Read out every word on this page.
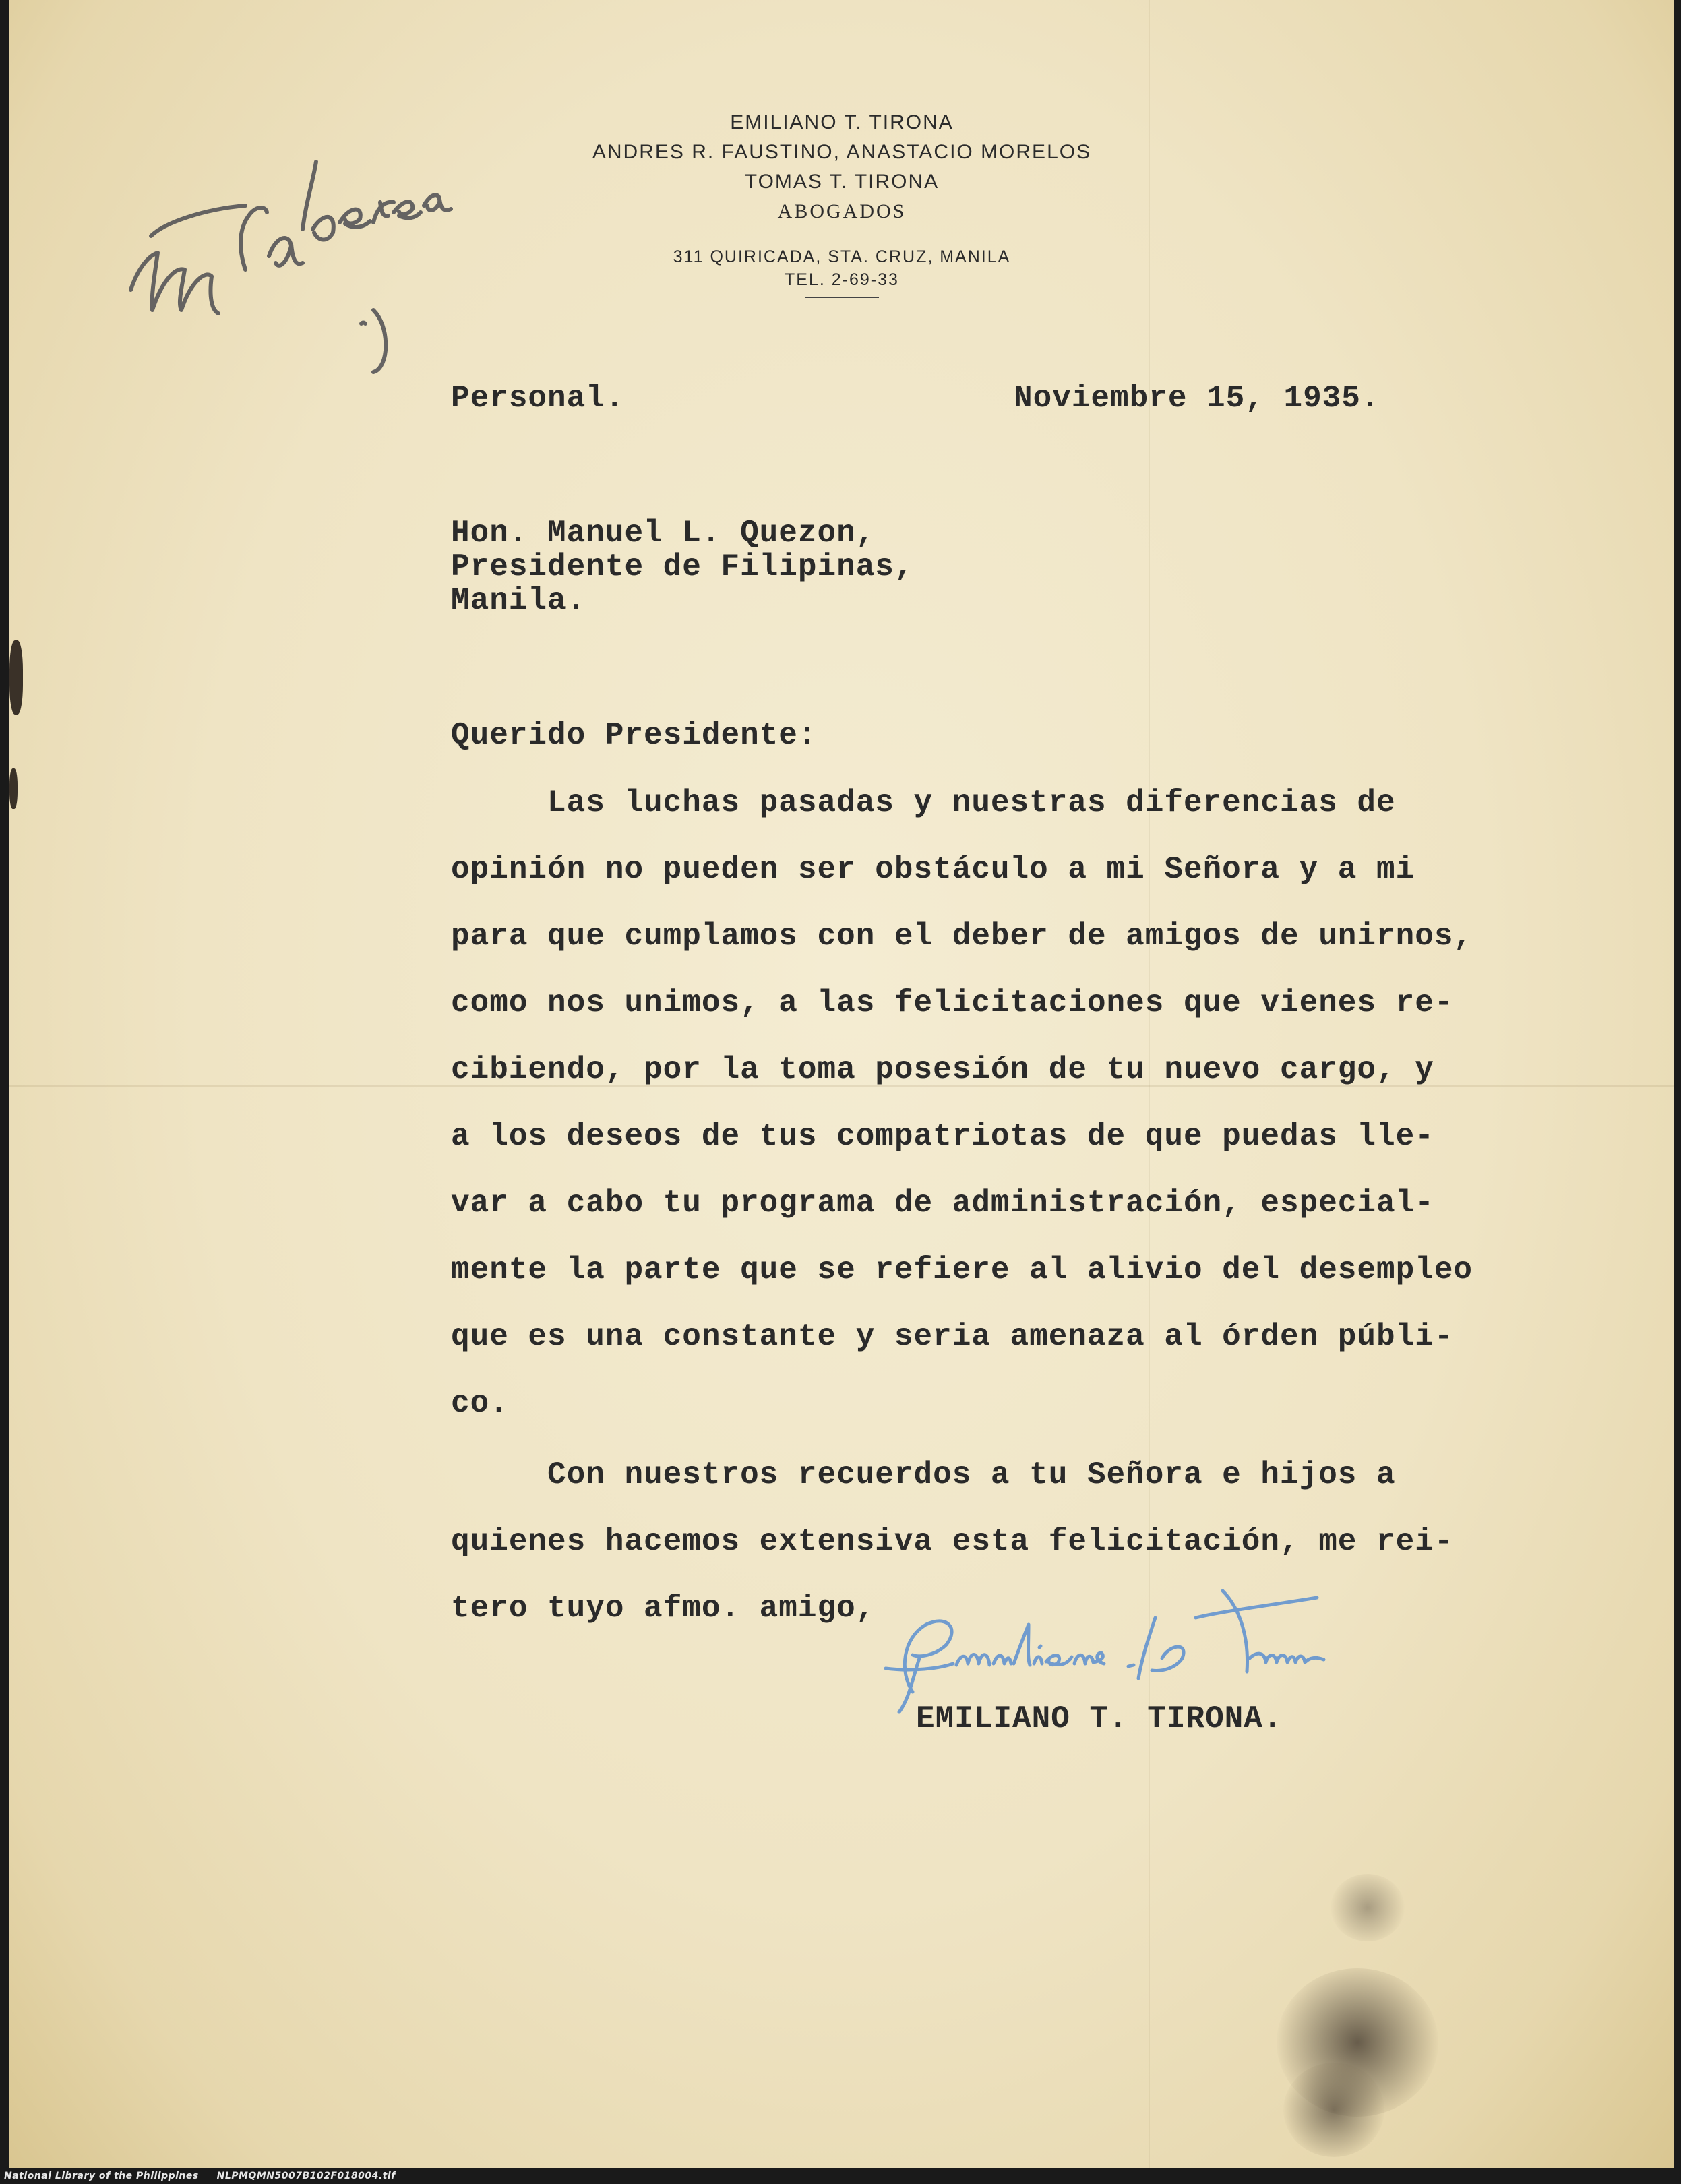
EMILIANO T. TIRONA

ANDRES R. FAUSTINO, ANASTACIO MORELOS

TOMAS T. TIRONA

ABOGADOS

311 QUIRICADA, STA. CRUZ, MANILA

TEL. 2-69-33

Personal.	Noviembre 15, 1935.
Hon. Manuel L. Quezon,
Presidente de Filipinas,
Manila.
Querido Presidente:
Las luchas pasadas y nuestras diferencias de
opinión no pueden ser obstáculo a mi Señora y a mi
para que cumplamos con el deber de amigos de unirnos,
como nos unimos, a las felicitaciones que vienes re-
cibiendo, por la toma posesión de tu nuevo cargo, y
a los deseos de tus compatriotas de que puedas lle-
var a cabo tu programa de administración, especial-
mente la parte que se refiere al alivio del desempleo
que es una constante y seria amenaza al órden públi-
co.
Con nuestros recuerdos a tu Señora e hijos a
quienes hacemos extensiva esta felicitación, me rei-
tero tuyo afmo. amigo,
EMILIANO T. TIRONA.
National Library of the Philippines     NLPMQMN5007B102F018004.tif
